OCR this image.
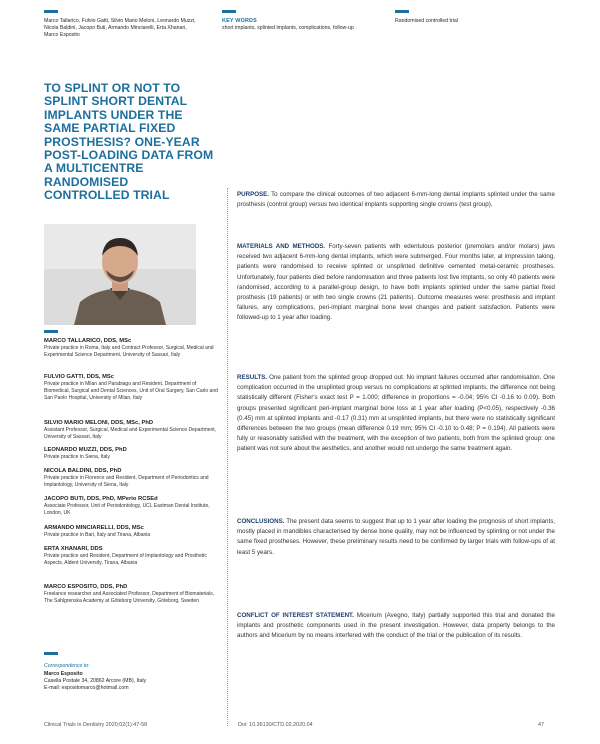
Marco Tallarico, Fulvio Gatti, Silvio Mario Meloni, Leonardo Muzzi, Nicola Baldini, Jacopo Buti, Armando Minciarelli, Erta Xhanari, Marco Esposito
KEY WORDS
short implants, splinted implants, complications, follow-up
Randomised controlled trial
TO SPLINT OR NOT TO SPLINT SHORT DENTAL IMPLANTS UNDER THE SAME PARTIAL FIXED PROSTHESIS? ONE-YEAR POST-LOADING DATA FROM A MULTICENTRE RANDOMISED CONTROLLED TRIAL
MARCO TALLARICO, DDS, MSc
Private practice in Roma, Italy and Contract Professor, Surgical, Medical and Experimental Science Department, University of Sassari, Italy
FULVIO GATTI, DDS, MSc
Private practice in Milan and Parabiago and Resident, Department of Biomedical, Surgical and Dental Sciences, Unit of Oral Surgery, San Carlo and San Paolo Hospital, University of Milan, Italy
SILVIO MARIO MELONI, DDS, MSc, PhD
Assistant Professor, Surgical, Medical and Experimental Science Department, University of Sassari, Italy
LEONARDO MUZZI, DDS, PhD
Private practice in Siena, Italy
NICOLA BALDINI, DDS, PhD
Private practice in Florence and Resident, Department of Periodontics and Implantology, University of Siena, Italy
JACOPO BUTI, DDS, PhD, MPerio RCSEd
Associate Professor, Unit of Periodontology, UCL Eastman Dental Institute, London, UK
ARMANDO MINCIARELLI, DDS, MSc
Private practice in Bari, Italy and Tirana, Albania
ERTA XHANARI, DDS
Private practice and Resident, Department of Implantology and Prosthetic Aspects, Aldent University, Tirana, Albania
MARCO ESPOSITO, DDS, PhD
Freelance researcher and Associated Professor, Department of Biomaterials, The Sahlgrenska Academy at Göteborg University, Göteborg, Sweden
Correspondence to:
Marco Esposito
Casella Postale 34, 20862 Arcore (MB), Italy
E-mail: espositomarco@hotmail.com
PURPOSE. To compare the clinical outcomes of two adjacent 6-mm-long dental implants splinted under the same prosthesis (control group) versus two identical implants supporting single crowns (test group).
MATERIALS AND METHODS. Forty-seven patients with edentulous posterior (premolars and/or molars) jaws received two adjacent 6-mm-long dental implants, which were submerged. Four months later, at impression taking, patients were randomised to receive splinted or unsplinted definitive cemented metal-ceramic prostheses. Unfortunately, four patients died before randomisation and three patients lost five implants, so only 40 patients were randomised, according to a parallel-group design, to have both implants splinted under the same partial fixed prosthesis (19 patients) or with two single crowns (21 patients). Outcome measures were: prosthesis and implant failures, any complications, peri-implant marginal bone level changes and patient satisfaction. Patients were followed-up to 1 year after loading.
RESULTS. One patient from the splinted group dropped out. No implant failures occurred after randomisation. One complication occurred in the unsplinted group versus no complications at splinted implants, the difference not being statistically different (Fisher's exact test P = 1.000; difference in proportions = -0.04; 95% CI -0.16 to 0.09). Both groups presented significant peri-implant marginal bone loss at 1 year after loading (P<0.05), respectively -0.36 (0.45) mm at splinted implants and -0.17 (0.31) mm at unsplinted implants, but there were no statistically significant differences between the two groups (mean difference 0.19 mm; 95% CI -0.10 to 0.48; P = 0.194). All patients were fully or reasonably satisfied with the treatment, with the exception of two patients, both from the splinted group: one patient was not sure about the aesthetics, and another would not undergo the same treatment again.
CONCLUSIONS. The present data seems to suggest that up to 1 year after loading the prognosis of short implants, mostly placed in mandibles characterised by dense bone quality, may not be influenced by splinting or not under the same fixed prostheses. However, these preliminary results need to be confirmed by larger trials with follow-ups of at least 5 years.
CONFLICT OF INTEREST STATEMENT. Micerium (Avegno, Italy) partially supported this trial and donated the implants and prosthetic components used in the present investigation. However, data property belongs to the authors and Micerium by no means interfered with the conduct of the trial or the publication of its results.
Clinical Trials in Dentistry 2020;02(1):47-58	Doi: 10.36130/CTD.02.2020.04	47
